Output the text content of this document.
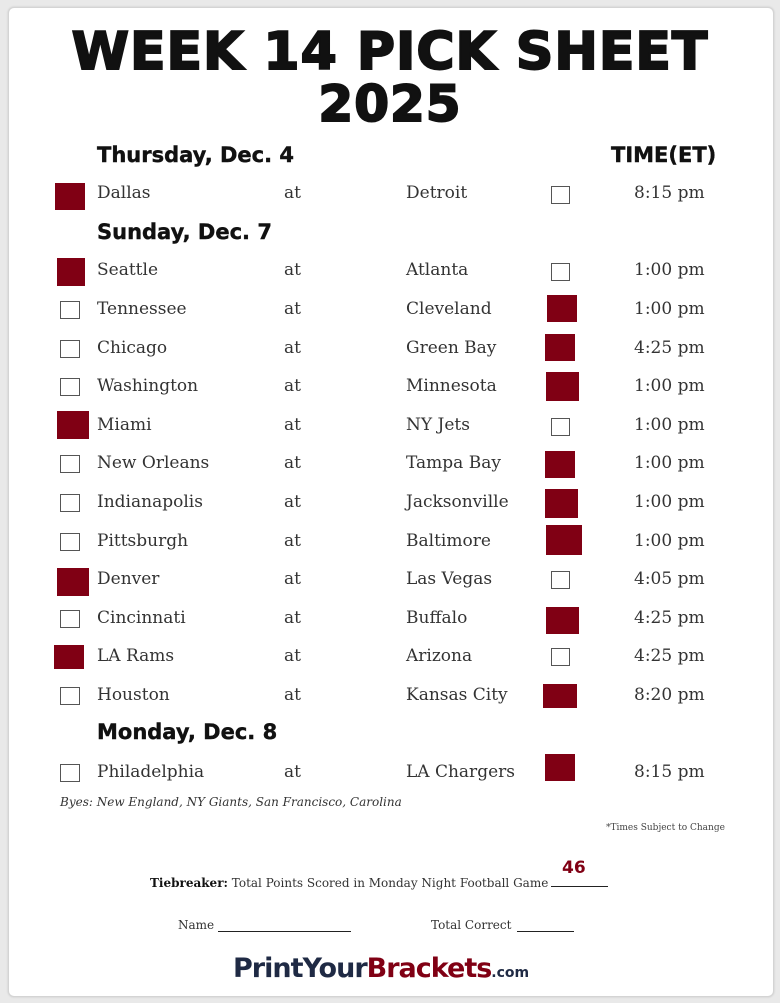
WEEK 14 PICK SHEET
2025
Thursday, Dec. 4	TIME(ET)
Sunday, Dec. 7
Monday, Dec. 8
Dallas	at	Detroit	8:15 pm
Seattle	at	Atlanta	1:00 pm
Tennessee	at	Cleveland	1:00 pm
Chicago	at	Green Bay	4:25 pm
Washington	at	Minnesota	1:00 pm
Miami	at	NY Jets	1:00 pm
New Orleans	at	Tampa Bay	1:00 pm
Indianapolis	at	Jacksonville	1:00 pm
Pittsburgh	at	Baltimore	1:00 pm
Denver	at	Las Vegas	4:05 pm
Cincinnati	at	Buffalo	4:25 pm
LA Rams	at	Arizona	4:25 pm
Houston	at	Kansas City	8:20 pm
Philadelphia	at	LA Chargers	8:15 pm
Byes: New England, NY Giants, San Francisco, Carolina
*Times Subject to Change
Tiebreaker: Total Points Scored in Monday Night Football Game
46
Name	Total Correct
PrintYourBrackets.com
